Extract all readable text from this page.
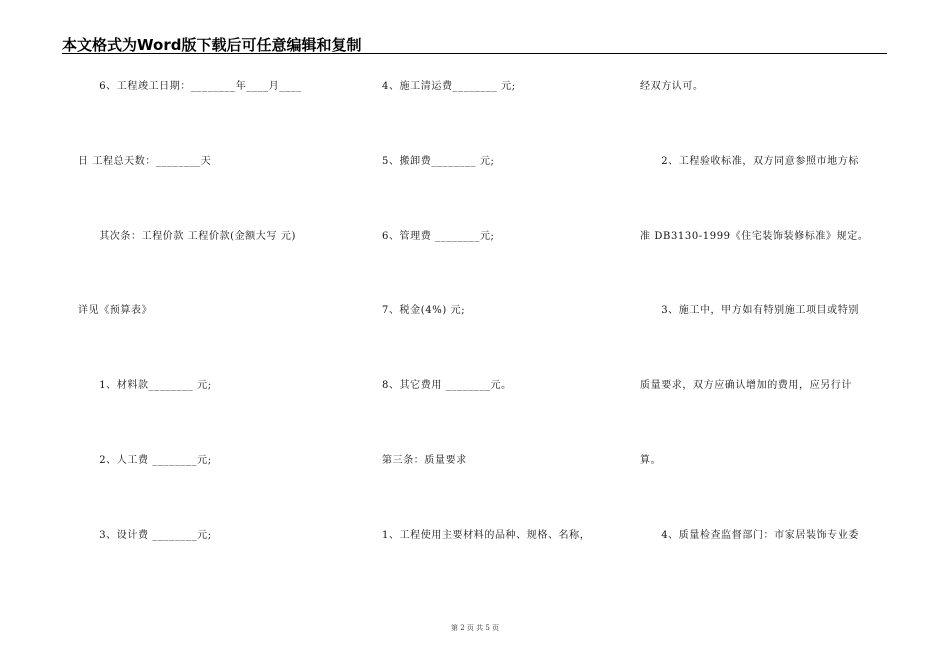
本文格式为Word版下载后可任意编辑和复制
　　6、工程竣工日期：________年____月____
日 工程总天数：________天
　　其次条：工程价款 工程价款(金额大写 元)
详见《预算表》
　　1、材料款________ 元;
　　2、人工费 ________元;
　　3、设计费 ________元;
4、施工清运费________ 元;
5、搬卸费________ 元;
6、管理费 ________元;
7、税金(4%) 元;
8、其它费用 ________元。
第三条：质量要求
1、工程使用主要材料的品种、规格、名称，
经双方认可。
　　2、工程验收标准，双方同意参照市地方标
准 DB3130-1999《住宅装饰装修标准》规定。
　　3、施工中，甲方如有特别施工项目或特别
质量要求，双方应确认增加的费用，应另行计
算。
　　4、质量检查监督部门：市家居装饰专业委
第 2 页 共 5 页
